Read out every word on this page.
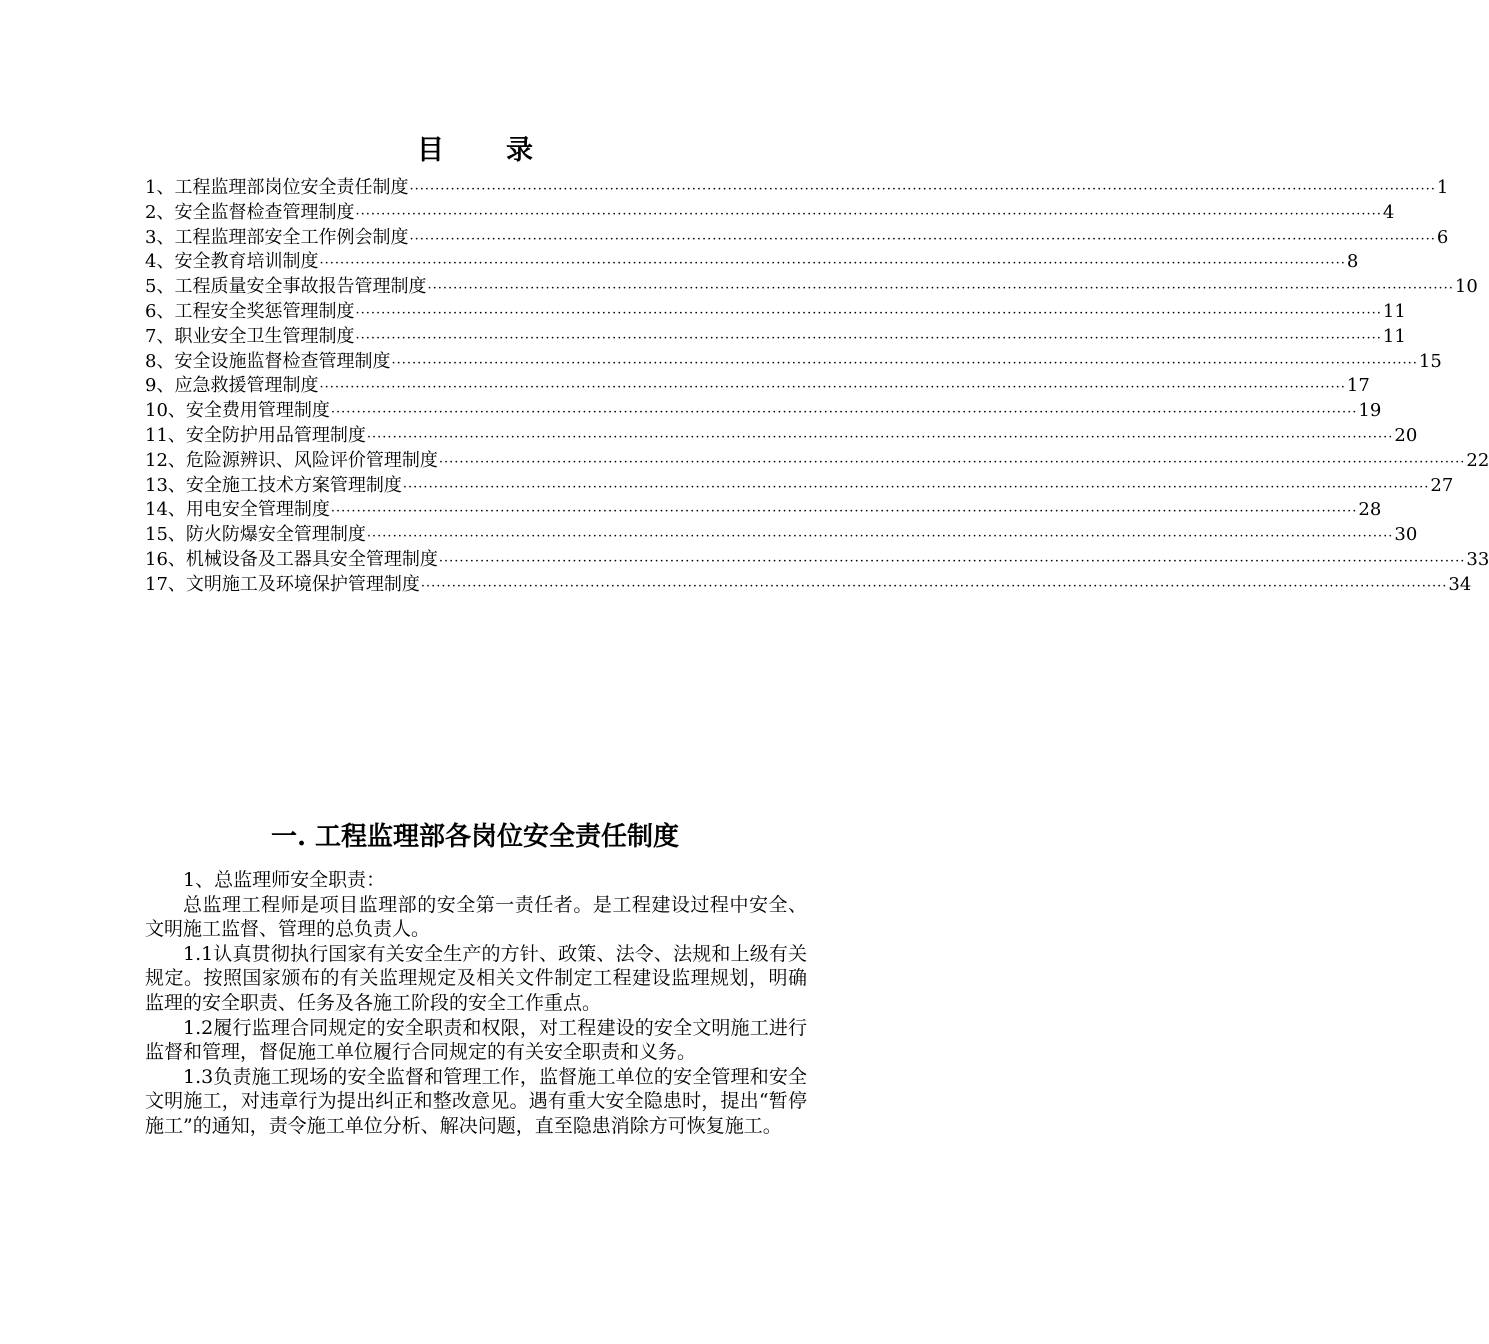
目录
1、工程监理部岗位安全责任制度 ········································································································································································································ 1
2、安全监督检查管理制度 ········································································································································································································ 4
3、工程监理部安全工作例会制度 ········································································································································································································ 6
4、安全教育培训制度 ········································································································································································································ 8
5、工程质量安全事故报告管理制度 ········································································································································································································ 10
6、工程安全奖惩管理制度 ········································································································································································································ 11
7、职业安全卫生管理制度 ········································································································································································································ 11
8、安全设施监督检查管理制度 ········································································································································································································ 15
9、应急救援管理制度 ········································································································································································································ 17
10、安全费用管理制度 ········································································································································································································ 19
11、安全防护用品管理制度 ········································································································································································································ 20
12、危险源辨识、风险评价管理制度 ········································································································································································································ 22
13、安全施工技术方案管理制度 ········································································································································································································ 27
14、用电安全管理制度 ········································································································································································································ 28
15、防火防爆安全管理制度 ········································································································································································································ 30
16、机械设备及工器具安全管理制度 ········································································································································································································ 33
17、文明施工及环境保护管理制度 ········································································································································································································ 34
一. 工程监理部各岗位安全责任制度

1、总监理师安全职责：

总监理工程师是项目监理部的安全第一责任者。是工程建设过程中安全、文明施工监督、管理的总负责人。

1.1认真贯彻执行国家有关安全生产的方针、政策、法令、法规和上级有关规定。按照国家颁布的有关监理规定及相关文件制定工程建设监理规划，明确监理的安全职责、任务及各施工阶段的安全工作重点。

1.2履行监理合同规定的安全职责和权限，对工程建设的安全文明施工进行监督和管理，督促施工单位履行合同规定的有关安全职责和义务。

1.3负责施工现场的安全监督和管理工作，监督施工单位的安全管理和安全文明施工，对违章行为提出纠正和整改意见。遇有重大安全隐患时，提出“暂停施工”的通知，责令施工单位分析、解决问题，直至隐患消除方可恢复施工。
